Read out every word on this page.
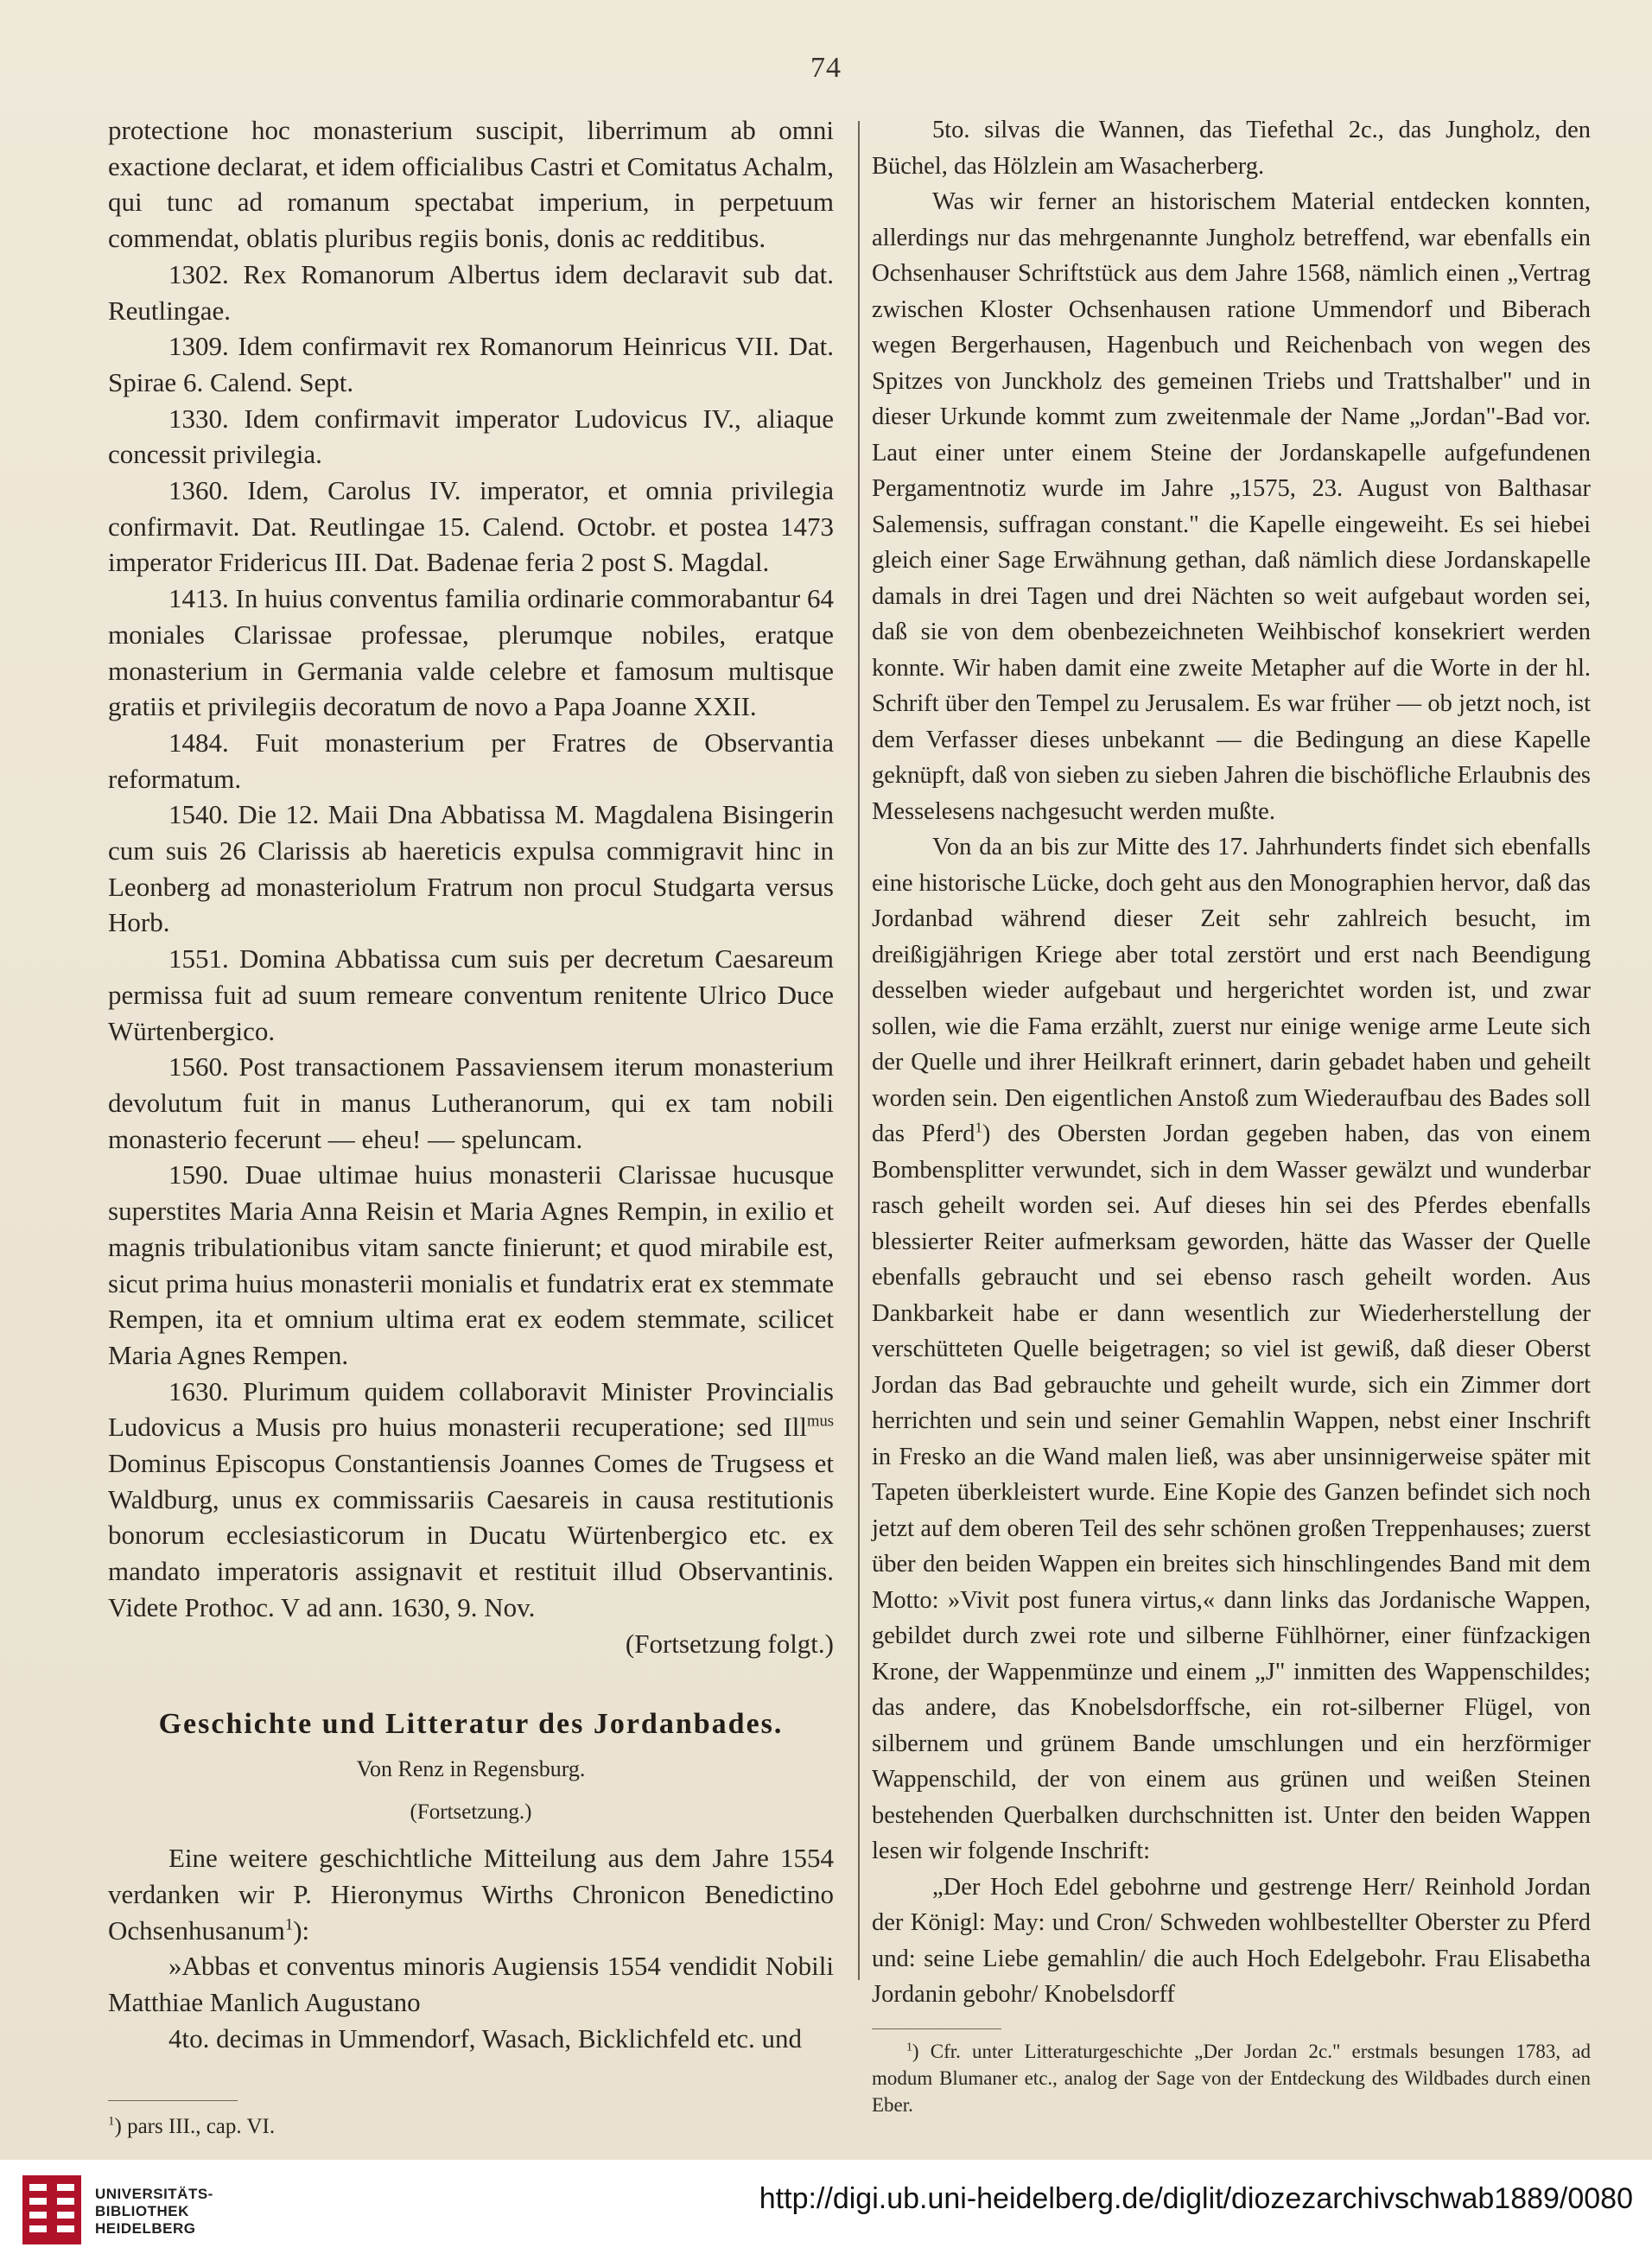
74

protectione hoc monasterium suscipit, liberrimum ab omni exactione declarat, et idem officialibus Castri et Comitatus Achalm, qui tunc ad romanum spectabat imperium, in perpetuum commendat, oblatis pluribus regiis bonis, donis ac redditibus.

1302. Rex Romanorum Albertus idem declaravit sub dat. Reutlingae.

1309. Idem confirmavit rex Romanorum Heinricus VII. Dat. Spirae 6. Calend. Sept.

1330. Idem confirmavit imperator Ludovicus IV., aliaque concessit privilegia.

1360. Idem, Carolus IV. imperator, et omnia privilegia confirmavit. Dat. Reutlingae 15. Calend. Octobr. et postea 1473 imperator Fridericus III. Dat. Badenae feria 2 post S. Magdal.

1413. In huius conventus familia ordinarie commorabantur 64 moniales Clarissae professae, plerumque nobiles, eratque monasterium in Germania valde celebre et famosum multisque gratiis et privilegiis decoratum de novo a Papa Joanne XXII.

1484. Fuit monasterium per Fratres de Observantia reformatum.

1540. Die 12. Maii Dna Abbatissa M. Magdalena Bisingerin cum suis 26 Clarissis ab haereticis expulsa commigravit hinc in Leonberg ad monasteriolum Fratrum non procul Studgarta versus Horb.

1551. Domina Abbatissa cum suis per decretum Caesareum permissa fuit ad suum remeare conventum renitente Ulrico Duce Würtenbergico.

1560. Post transactionem Passaviensem iterum monasterium devolutum fuit in manus Lutheranorum, qui ex tam nobili monasterio fecerunt — eheu! — speluncam.

1590. Duae ultimae huius monasterii Clarissae hucusque superstites Maria Anna Reisin et Maria Agnes Rempin, in exilio et magnis tribulationibus vitam sancte finierunt; et quod mirabile est, sicut prima huius monasterii monialis et fundatrix erat ex stemmate Rempen, ita et omnium ultima erat ex eodem stemmate, scilicet Maria Agnes Rempen.

1630. Plurimum quidem collaboravit Minister Provincialis Ludovicus a Musis pro huius monasterii recuperatione; sed Ill$^{mus}$ Dominus Episcopus Constantiensis Joannes Comes de Trugsess et Waldburg, unus ex commissariis Caesareis in causa restitutionis bonorum ecclesiasticorum in Ducatu Würtenbergico etc. ex mandato imperatoris assignavit et restituit illud Observantinis. Videte Prothoc. V ad ann. 1630, 9. Nov.

(Fortsetzung folgt.)

Geschichte und Litteratur des Jordanbades.
Von Renz in Regensburg.
(Fortsetzung.)

Eine weitere geschichtliche Mitteilung aus dem Jahre 1554 verdanken wir P. Hieronymus Wirths Chronicon Benedictino Ochsenhusanum$^1$):

»Abbas et conventus minoris Augiensis 1554 vendidit Nobili Matthiae Manlich Augustano

4to. decimas in Ummendorf, Wasach, Bicklichfeld etc. und

$^1$) pars III., cap. VI.

5to. silvas die Wannen, das Tiefethal 2c., das Jungholz, den Büchel, das Hölzlein am Wasacherberg.

Was wir ferner an historischem Material entdecken konnten, allerdings nur das mehrgenannte Jungholz betreffend, war ebenfalls ein Ochsenhauser Schriftstück aus dem Jahre 1568, nämlich einen „Vertrag zwischen Kloster Ochsenhausen ratione Ummendorf und Biberach wegen Bergerhausen, Hagenbuch und Reichenbach von wegen des Spitzes von Junckholz des gemeinen Triebs und Trattshalber" und in dieser Urkunde kommt zum zweitenmale der Name „Jordan"-Bad vor. Laut einer unter einem Steine der Jordanskapelle aufgefundenen Pergamentnotiz wurde im Jahre „1575, 23. August von Balthasar Salemensis, suffragan constant." die Kapelle eingeweiht. Es sei hiebei gleich einer Sage Erwähnung gethan, daß nämlich diese Jordanskapelle damals in drei Tagen und drei Nächten so weit aufgebaut worden sei, daß sie von dem obenbezeichneten Weihbischof konsekriert werden konnte. Wir haben damit eine zweite Metapher auf die Worte in der hl. Schrift über den Tempel zu Jerusalem. Es war früher — ob jetzt noch, ist dem Verfasser dieses unbekannt — die Bedingung an diese Kapelle geknüpft, daß von sieben zu sieben Jahren die bischöfliche Erlaubnis des Messelesens nachgesucht werden mußte.

Von da an bis zur Mitte des 17. Jahrhunderts findet sich ebenfalls eine historische Lücke, doch geht aus den Monographien hervor, daß das Jordanbad während dieser Zeit sehr zahlreich besucht, im dreißigjährigen Kriege aber total zerstört und erst nach Beendigung desselben wieder aufgebaut und hergerichtet worden ist, und zwar sollen, wie die Fama erzählt, zuerst nur einige wenige arme Leute sich der Quelle und ihrer Heilkraft erinnert, darin gebadet haben und geheilt worden sein. Den eigentlichen Anstoß zum Wiederaufbau des Bades soll das Pferd$^1$) des Obersten Jordan gegeben haben, das von einem Bombensplitter verwundet, sich in dem Wasser gewälzt und wunderbar rasch geheilt worden sei. Auf dieses hin sei des Pferdes ebenfalls blessierter Reiter aufmerksam geworden, hätte das Wasser der Quelle ebenfalls gebraucht und sei ebenso rasch geheilt worden. Aus Dankbarkeit habe er dann wesentlich zur Wiederherstellung der verschütteten Quelle beigetragen; so viel ist gewiß, daß dieser Oberst Jordan das Bad gebrauchte und geheilt wurde, sich ein Zimmer dort herrichten und sein und seiner Gemahlin Wappen, nebst einer Inschrift in Fresko an die Wand malen ließ, was aber unsinnigerweise später mit Tapeten überkleistert wurde. Eine Kopie des Ganzen befindet sich noch jetzt auf dem oberen Teil des sehr schönen großen Treppenhauses; zuerst über den beiden Wappen ein breites sich hinschlingendes Band mit dem Motto: »Vivit post funera virtus,« dann links das Jordanische Wappen, gebildet durch zwei rote und silberne Fühlhörner, einer fünfzackigen Krone, der Wappenmünze und einem „J" inmitten des Wappenschildes; das andere, das Knobelsdorffsche, ein rot-silberner Flügel, von silbernem und grünem Bande umschlungen und ein herzförmiger Wappenschild, der von einem aus grünen und weißen Steinen bestehenden Querbalken durchschnitten ist. Unter den beiden Wappen lesen wir folgende Inschrift:

„Der Hoch Edel gebohrne und gestrenge Herr/ Reinhold Jordan der Königl: May: und Cron/ Schweden wohlbestellter Oberster zu Pferd und: seine Liebe gemahlin/ die auch Hoch Edelgebohr. Frau Elisabetha Jordanin gebohr/ Knobelsdorff

$^1$) Cfr. unter Litteraturgeschichte „Der Jordan 2c." erstmals besungen 1783, ad modum Blumaner etc., analog der Sage von der Entdeckung des Wildbades durch einen Eber.
UNIVERSITÄTS-
BIBLIOTHEK
HEIDELBERG
http://digi.ub.uni-heidelberg.de/diglit/diozezarchivschwab1889/0080
